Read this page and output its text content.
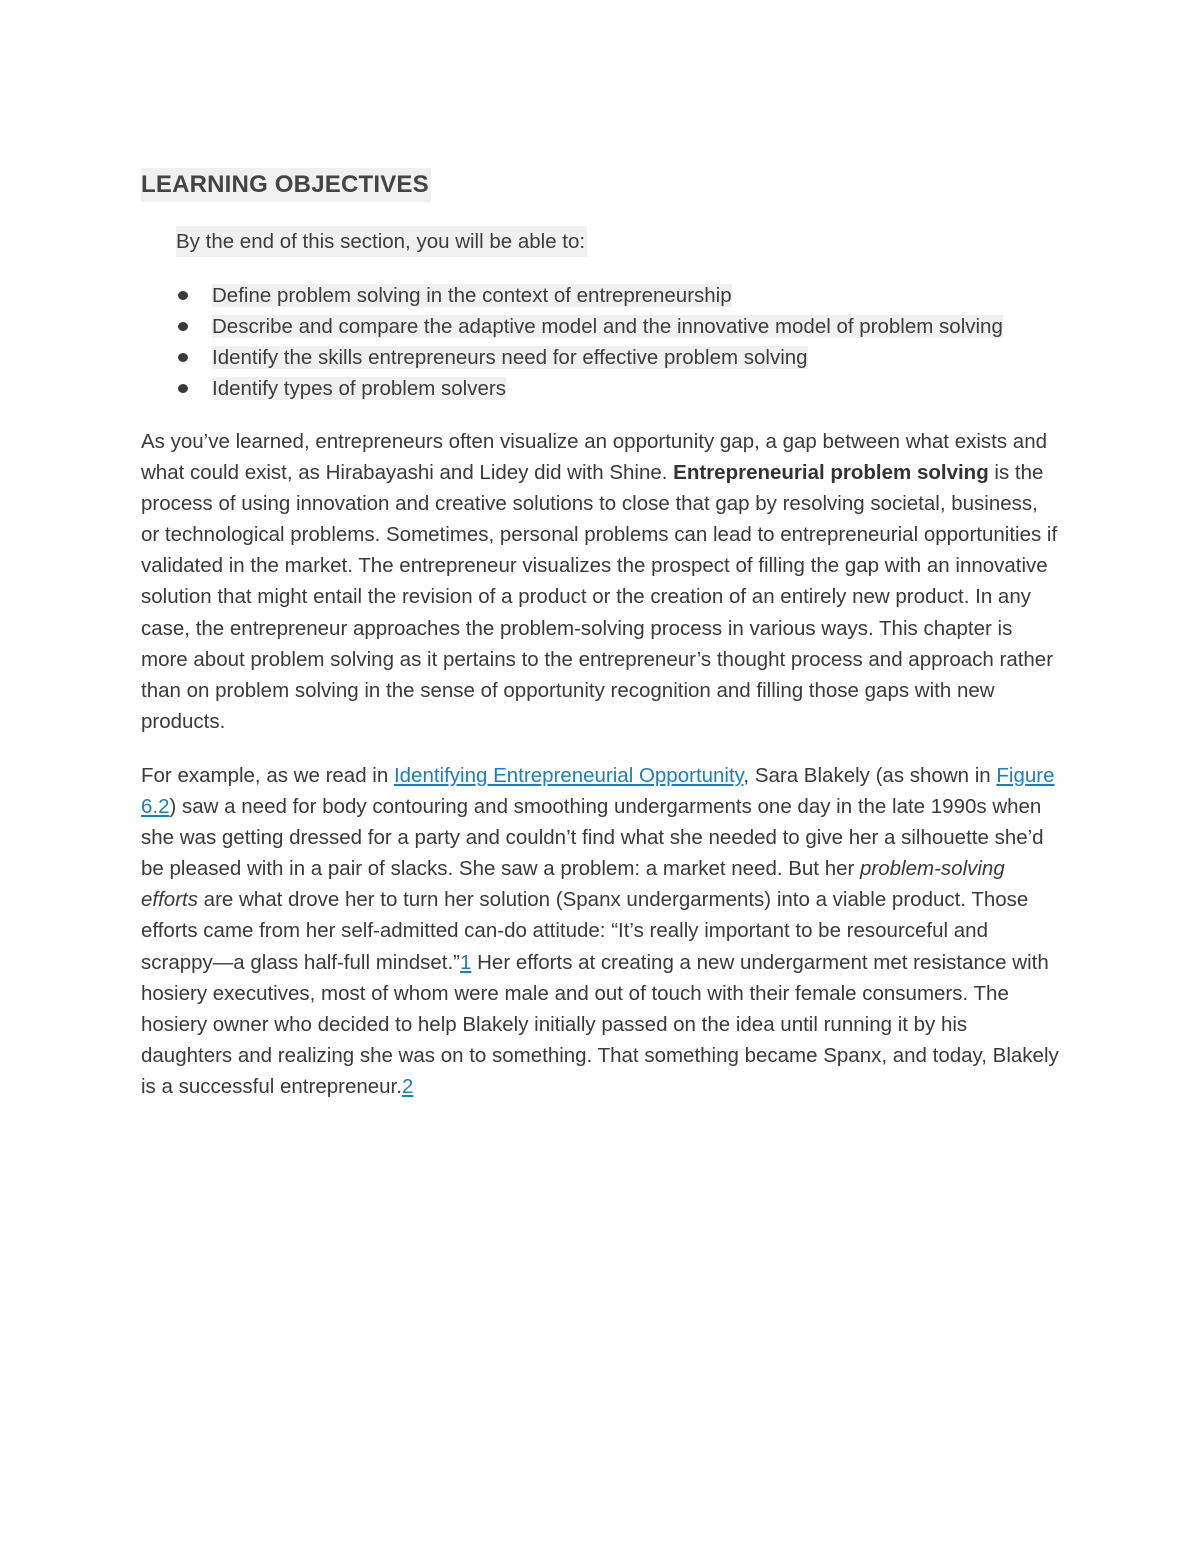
LEARNING OBJECTIVES
By the end of this section, you will be able to:
Define problem solving in the context of entrepreneurship
Describe and compare the adaptive model and the innovative model of problem solving
Identify the skills entrepreneurs need for effective problem solving
Identify types of problem solvers

As you’ve learned, entrepreneurs often visualize an opportunity gap, a gap between what exists and what could exist, as Hirabayashi and Lidey did with Shine. Entrepreneurial problem solving is the process of using innovation and creative solutions to close that gap by resolving societal, business, or technological problems. Sometimes, personal problems can lead to entrepreneurial opportunities if validated in the market. The entrepreneur visualizes the prospect of filling the gap with an innovative solution that might entail the revision of a product or the creation of an entirely new product. In any case, the entrepreneur approaches the problem-solving process in various ways. This chapter is more about problem solving as it pertains to the entrepreneur’s thought process and approach rather than on problem solving in the sense of opportunity recognition and filling those gaps with new products.

For example, as we read in Identifying Entrepreneurial Opportunity, Sara Blakely (as shown in Figure 6.2) saw a need for body contouring and smoothing undergarments one day in the late 1990s when she was getting dressed for a party and couldn’t find what she needed to give her a silhouette she’d be pleased with in a pair of slacks. She saw a problem: a market need. But her problem-solving efforts are what drove her to turn her solution (Spanx undergarments) into a viable product. Those efforts came from her self-admitted can-do attitude: “It’s really important to be resourceful and scrappy—a glass half-full mindset.”1 Her efforts at creating a new undergarment met resistance with hosiery executives, most of whom were male and out of touch with their female consumers. The hosiery owner who decided to help Blakely initially passed on the idea until running it by his daughters and realizing she was on to something. That something became Spanx, and today, Blakely is a successful entrepreneur.2
